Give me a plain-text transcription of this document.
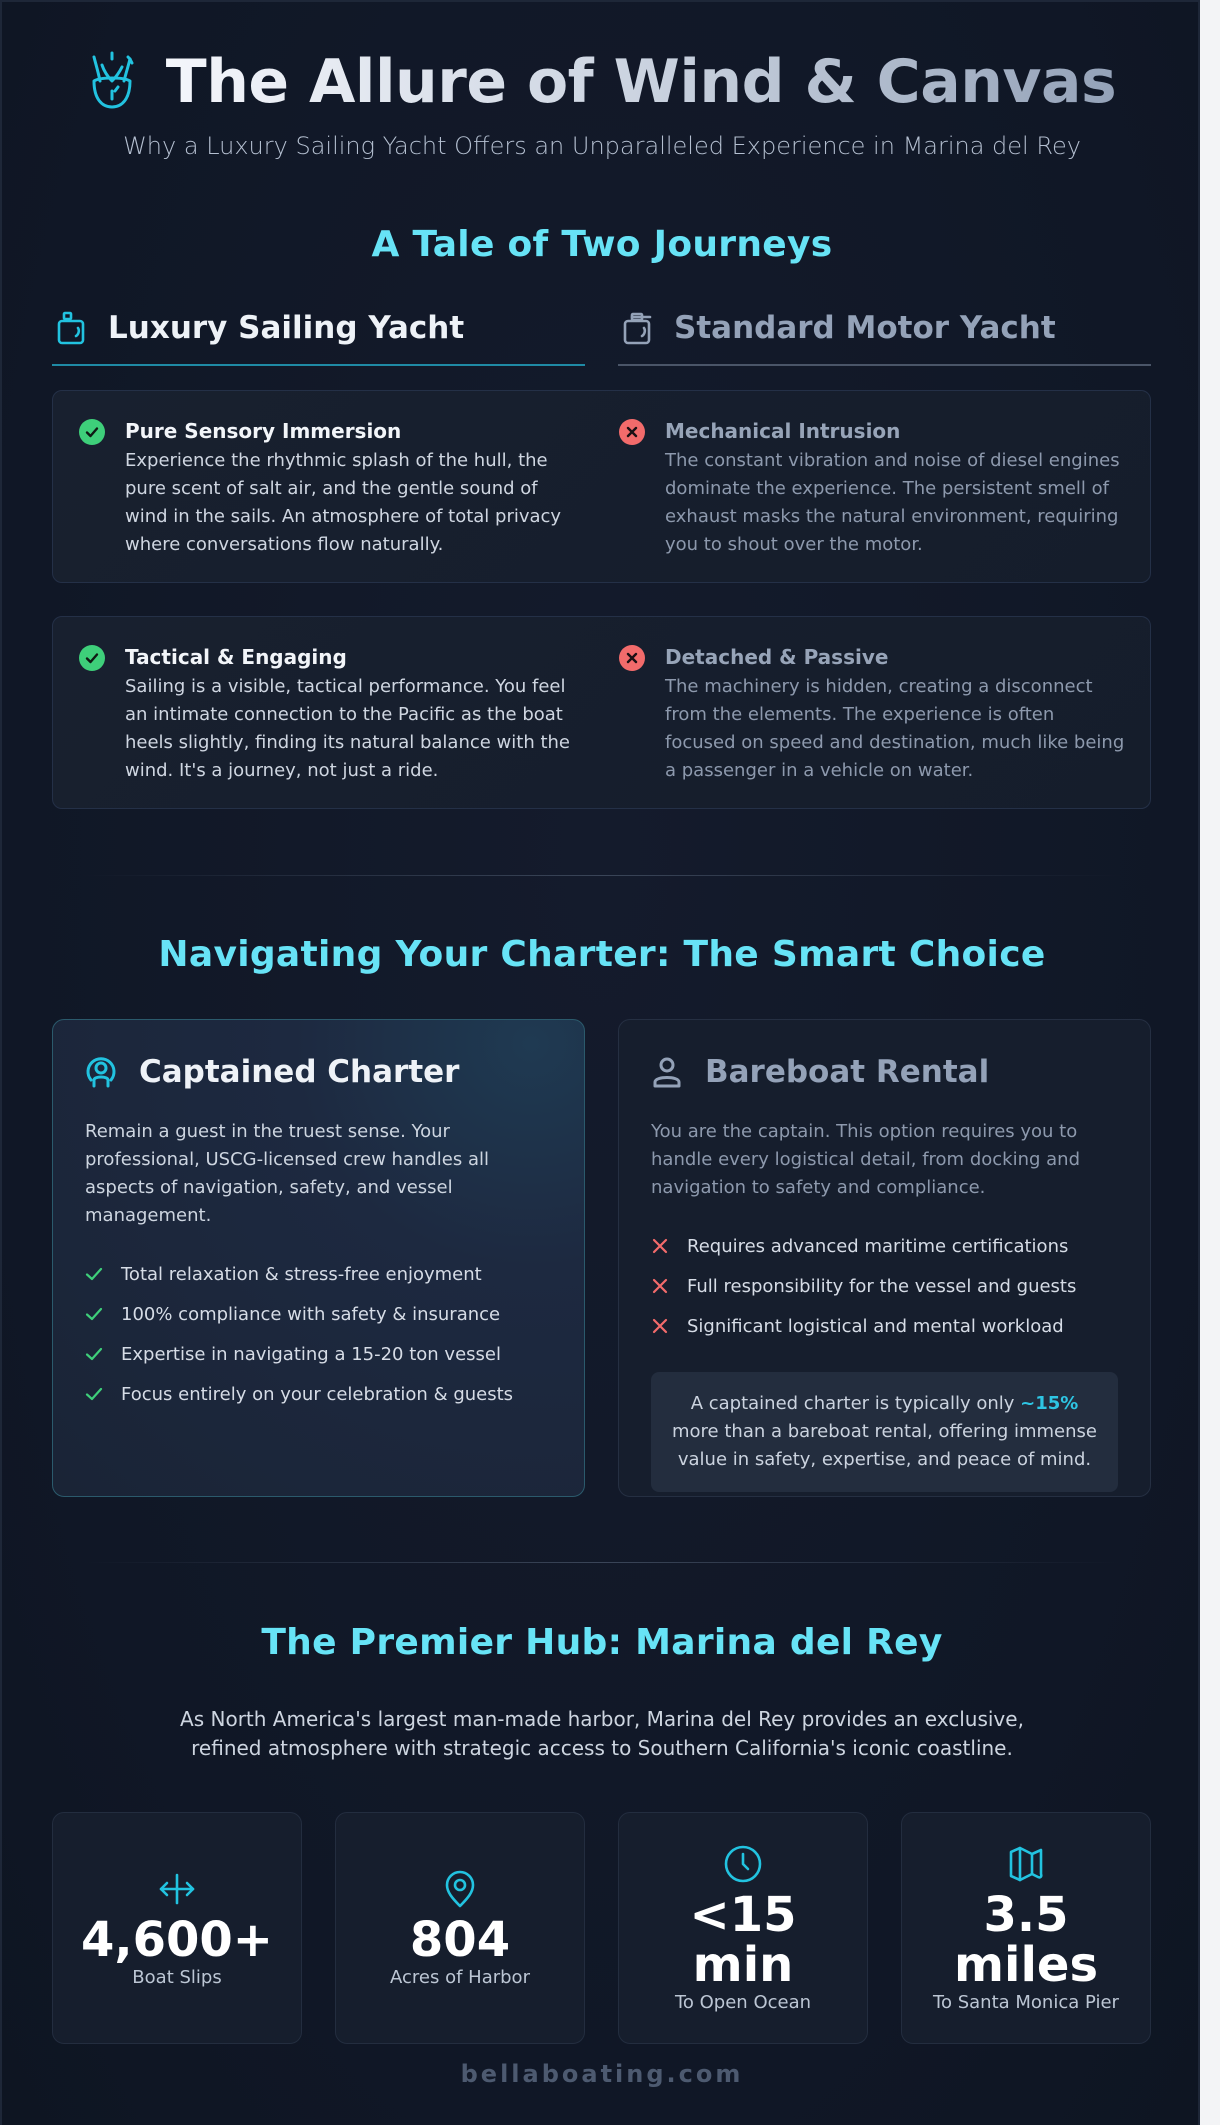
The Allure of Wind & Canvas
Why a Luxury Sailing Yacht Offers an Unparalleled Experience in Marina del Rey
A Tale of Two Journeys
Luxury Sailing Yacht	Standard Motor Yacht
Pure Sensory Immersion
Experience the rhythmic splash of the hull, the pure scent of salt air, and the gentle sound of wind in the sails. An atmosphere of total privacy where conversations flow naturally.
Mechanical Intrusion
The constant vibration and noise of diesel engines dominate the experience. The persistent smell of exhaust masks the natural environment, requiring you to shout over the motor.
Tactical & Engaging
Sailing is a visible, tactical performance. You feel an intimate connection to the Pacific as the boat heels slightly, finding its natural balance with the wind. It's a journey, not just a ride.
Detached & Passive
The machinery is hidden, creating a disconnect from the elements. The experience is often focused on speed and destination, much like being a passenger in a vehicle on water.
Navigating Your Charter: The Smart Choice
Captained Charter
Remain a guest in the truest sense. Your professional, USCG-licensed crew handles all aspects of navigation, safety, and vessel management.
Total relaxation & stress-free enjoyment
100% compliance with safety & insurance
Expertise in navigating a 15-20 ton vessel
Focus entirely on your celebration & guests
Bareboat Rental
You are the captain. This option requires you to handle every logistical detail, from docking and navigation to safety and compliance.
Requires advanced maritime certifications
Full responsibility for the vessel and guests
Significant logistical and mental workload
A captained charter is typically only ~15% more than a bareboat rental, offering immense value in safety, expertise, and peace of mind.
The Premier Hub: Marina del Rey
As North America's largest man-made harbor, Marina del Rey provides an exclusive, refined atmosphere with strategic access to Southern California's iconic coastline.
4,600+
Boat Slips
804
Acres of Harbor
<15
min
To Open Ocean
3.5
miles
To Santa Monica Pier
bellaboating.com
